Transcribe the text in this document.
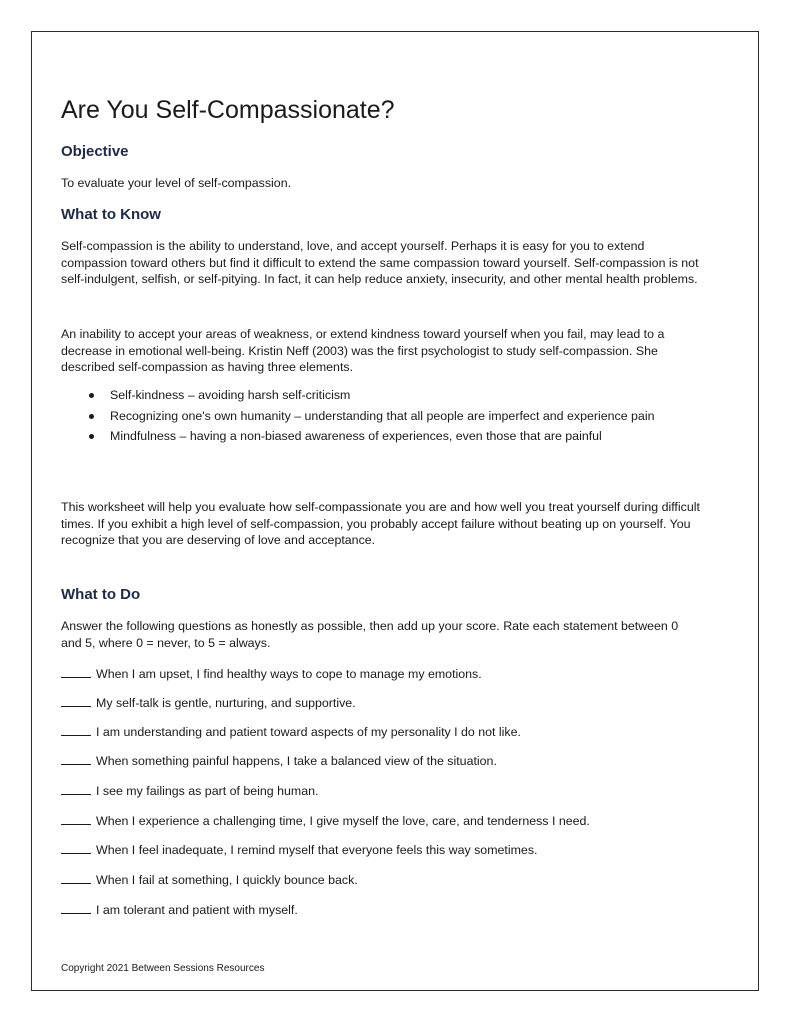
Are You Self-Compassionate?
Objective

To evaluate your level of self-compassion.

What to Know

Self-compassion is the ability to understand, love, and accept yourself. Perhaps it is easy for you to extend compassion toward others but find it difficult to extend the same compassion toward yourself. Self-compassion is not self-indulgent, selfish, or self-pitying. In fact, it can help reduce anxiety, insecurity, and other mental health problems.

An inability to accept your areas of weakness, or extend kindness toward yourself when you fail, may lead to a decrease in emotional well-being. Kristin Neff (2003) was the first psychologist to study self-compassion. She described self-compassion as having three elements.

Self-kindness – avoiding harsh self-criticism
Recognizing one's own humanity – understanding that all people are imperfect and experience pain
Mindfulness – having a non-biased awareness of experiences, even those that are painful

This worksheet will help you evaluate how self-compassionate you are and how well you treat yourself during difficult times. If you exhibit a high level of self-compassion, you probably accept failure without beating up on yourself. You recognize that you are deserving of love and acceptance.

What to Do

Answer the following questions as honestly as possible, then add up your score. Rate each statement between 0 and 5, where 0 = never, to 5 = always.

When I am upset, I find healthy ways to cope to manage my emotions.
My self-talk is gentle, nurturing, and supportive.
I am understanding and patient toward aspects of my personality I do not like.
When something painful happens, I take a balanced view of the situation.
I see my failings as part of being human.
When I experience a challenging time, I give myself the love, care, and tenderness I need.
When I feel inadequate, I remind myself that everyone feels this way sometimes.
When I fail at something, I quickly bounce back.
I am tolerant and patient with myself.

Copyright 2021 Between Sessions Resources
